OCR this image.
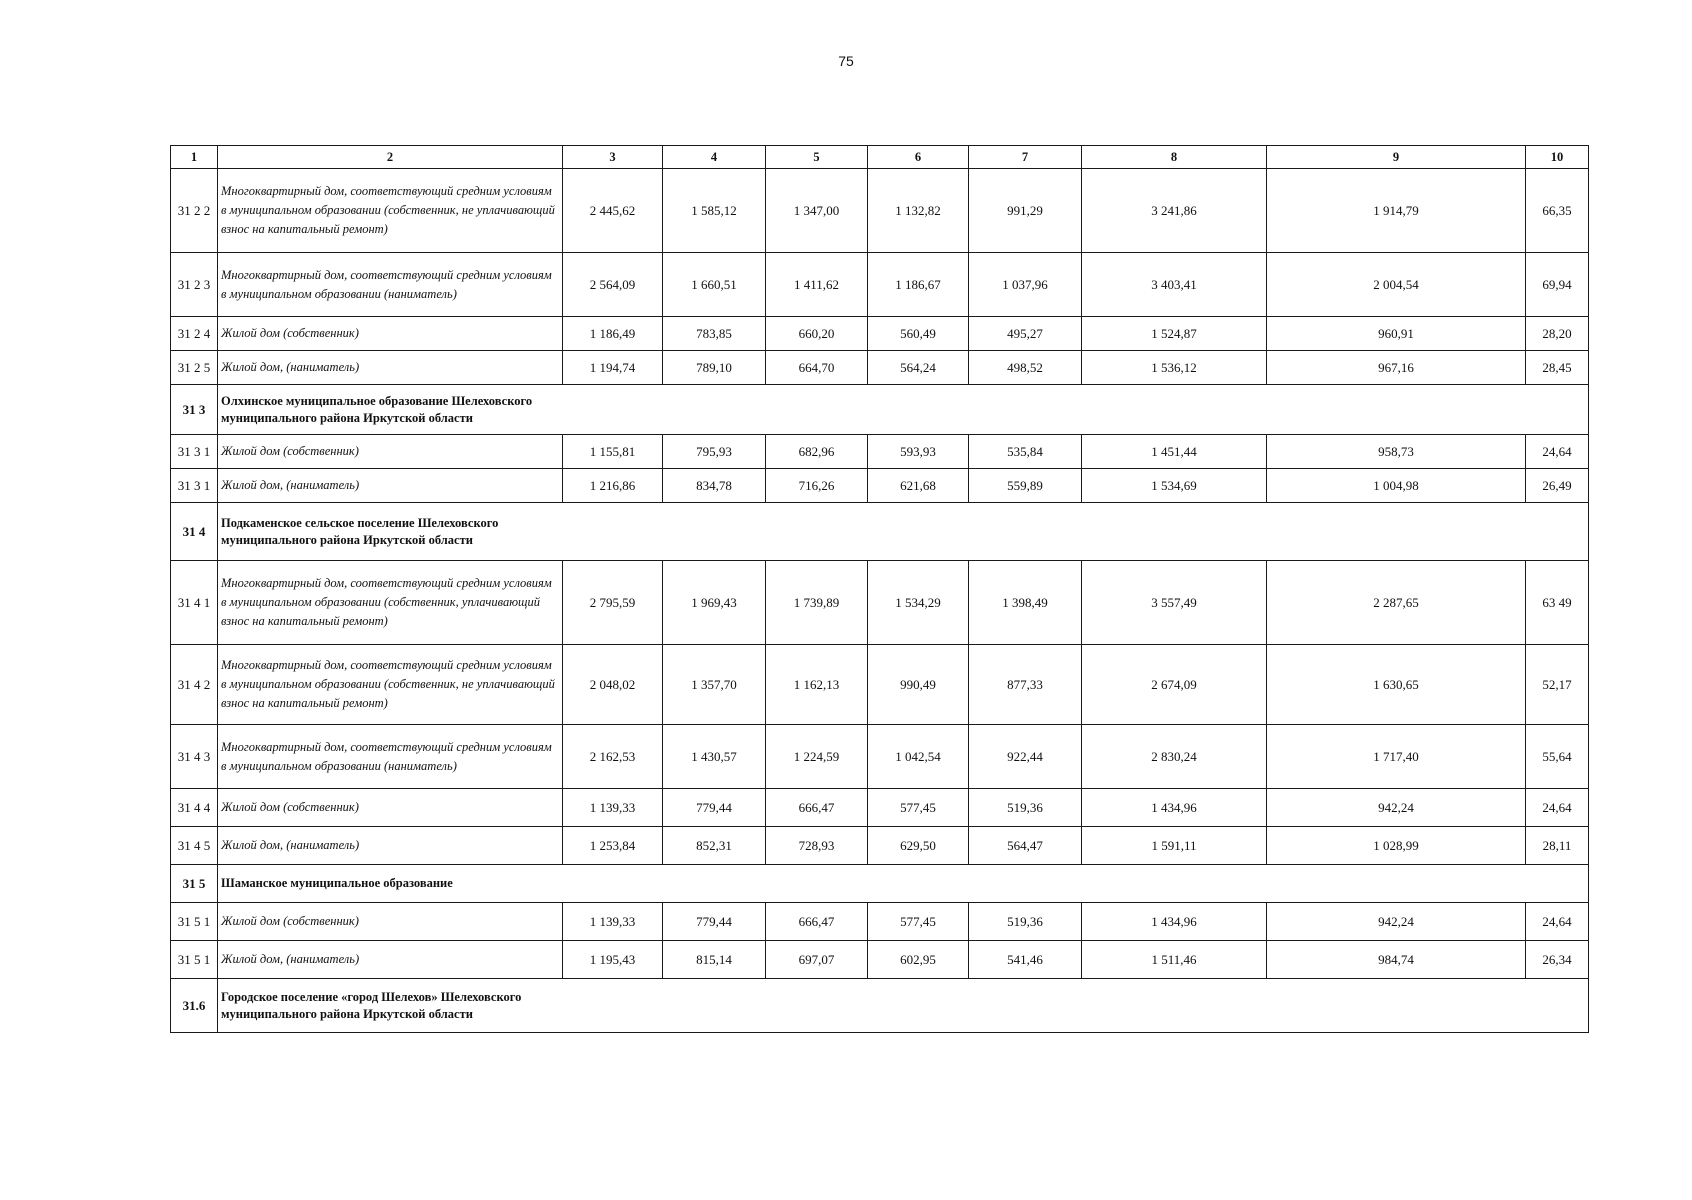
75
1	2	3	4	5	6	7	8	9	10
31 2 2	Многоквартирный дом, соответствующий средним условиям в муниципальном образовании (собственник, не уплачивающий взнос на капитальный ремонт)	2 445,62	1 585,12	1 347,00	1 132,82	991,29	3 241,86	1 914,79	66,35
31 2 3	Многоквартирный дом, соответствующий средним условиям в муниципальном образовании (наниматель)	2 564,09	1 660,51	1 411,62	1 186,67	1 037,96	3 403,41	2 004,54	69,94
31 2 4	Жилой дом (собственник)	1 186,49	783,85	660,20	560,49	495,27	1 524,87	960,91	28,20
31 2 5	Жилой дом, (наниматель)	1 194,74	789,10	664,70	564,24	498,52	1 536,12	967,16	28,45
31 3	Олхинское муниципальное образование Шелеховского муниципального района Иркутской области								

31 3 1	Жилой дом (собственник)	1 155,81	795,93	682,96	593,93	535,84	1 451,44	958,73	24,64
31 3 1	Жилой дом, (наниматель)	1 216,86	834,78	716,26	621,68	559,89	1 534,69	1 004,98	26,49
31 4	Подкаменское сельское поселение Шелеховского муниципального района Иркутской области								

31 4 1	Многоквартирный дом, соответствующий средним условиям в муниципальном образовании (собственник, уплачивающий взнос на капитальный ремонт)	2 795,59	1 969,43	1 739,89	1 534,29	1 398,49	3 557,49	2 287,65	63 49
31 4 2	Многоквартирный дом, соответствующий средним условиям в муниципальном образовании (собственник, не уплачивающий взнос на капитальный ремонт)	2 048,02	1 357,70	1 162,13	990,49	877,33	2 674,09	1 630,65	52,17
31 4 3	Многоквартирный дом, соответствующий средним условиям в муниципальном образовании (наниматель)	2 162,53	1 430,57	1 224,59	1 042,54	922,44	2 830,24	1 717,40	55,64
31 4 4	Жилой дом (собственник)	1 139,33	779,44	666,47	577,45	519,36	1 434,96	942,24	24,64
31 4 5	Жилой дом, (наниматель)	1 253,84	852,31	728,93	629,50	564,47	1 591,11	1 028,99	28,11
31 5	Шаманское муниципальное образование								

31 5 1	Жилой дом (собственник)	1 139,33	779,44	666,47	577,45	519,36	1 434,96	942,24	24,64
31 5 1	Жилой дом, (наниматель)	1 195,43	815,14	697,07	602,95	541,46	1 511,46	984,74	26,34
31.6	Городское поселение «город Шелехов» Шелеховского муниципального района Иркутской области								
